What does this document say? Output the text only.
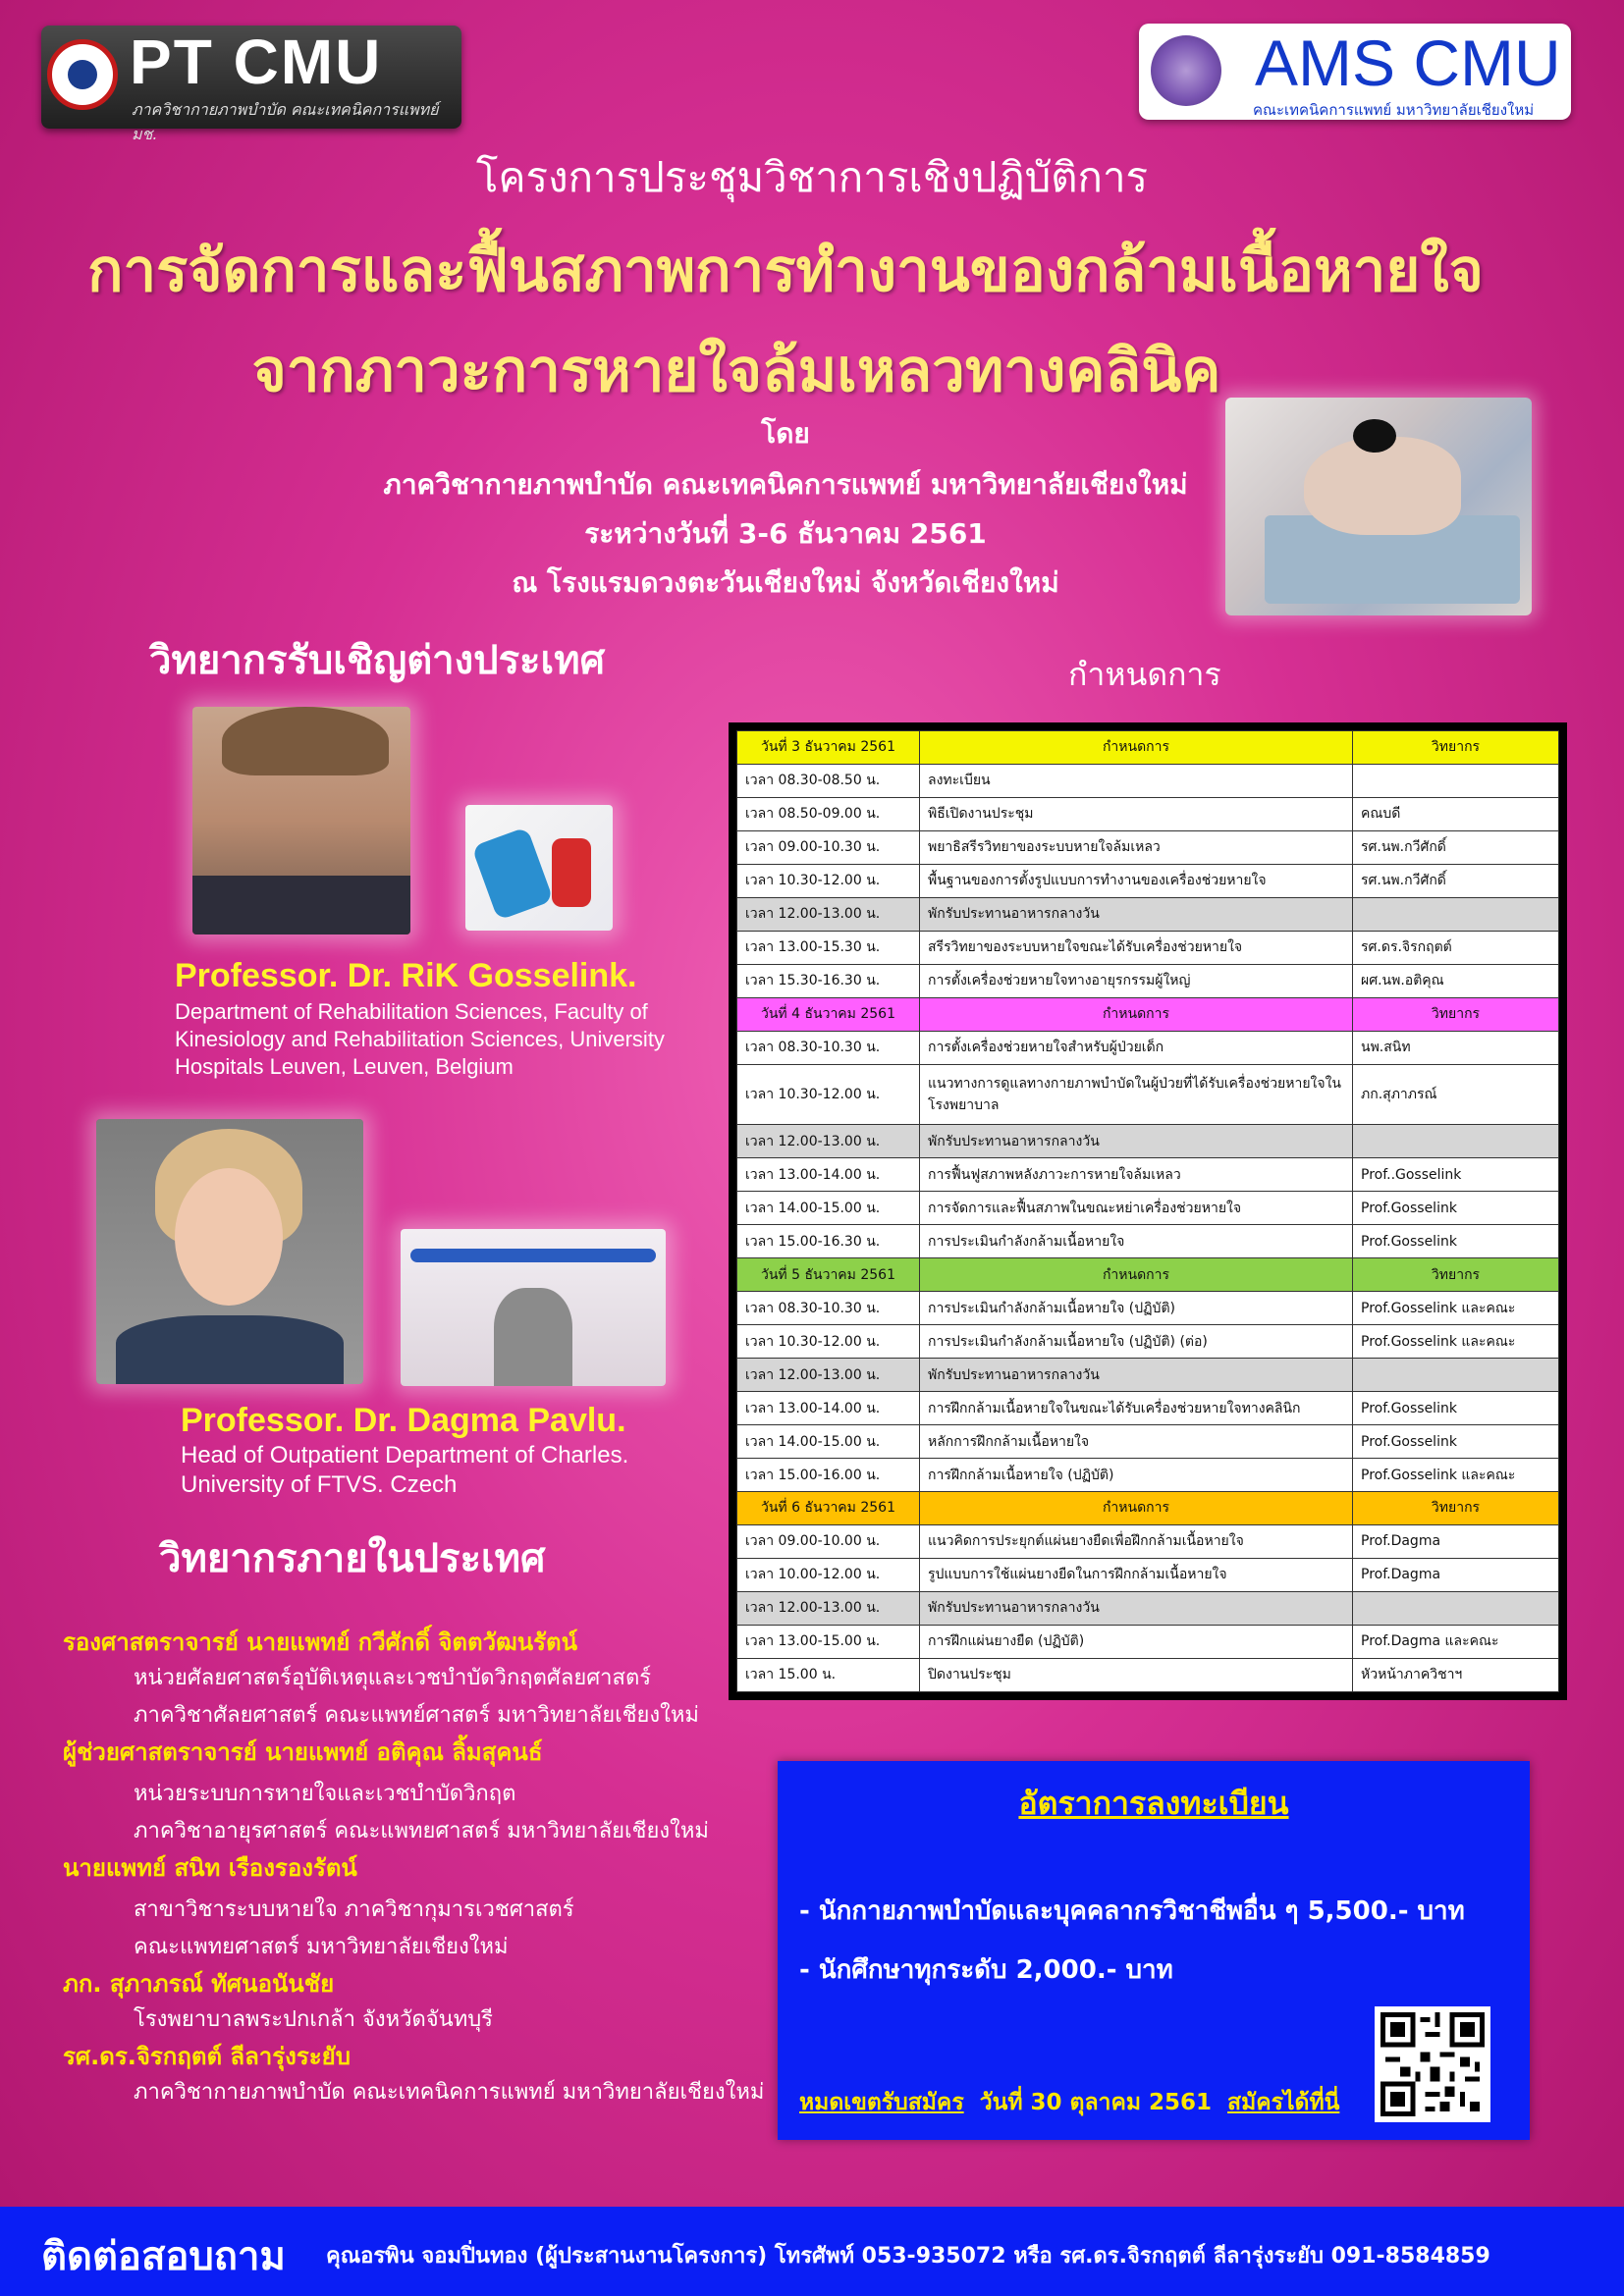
PT CMU
ภาควิชากายภาพบำบัด คณะเทคนิคการแพทย์ มช.
AMS CMU
คณะเทคนิคการแพทย์ มหาวิทยาลัยเชียงใหม่
โครงการประชุมวิชาการเชิงปฏิบัติการ
การจัดการและฟื้นสภาพการทำงานของกล้ามเนื้อหายใจ
จากภาวะการหายใจล้มเหลวทางคลินิค
โดย
ภาควิชากายภาพบำบัด คณะเทคนิคการแพทย์ มหาวิทยาลัยเชียงใหม่
ระหว่างวันที่ 3-6 ธันวาคม 2561
ณ โรงแรมดวงตะวันเชียงใหม่ จังหวัดเชียงใหม่
วิทยากรรับเชิญต่างประเทศ
Professor. Dr. RiK Gosselink.
Department of Rehabilitation Sciences, Faculty of Kinesiology and Rehabilitation Sciences, University Hospitals Leuven, Leuven, Belgium
Professor. Dr. Dagma Pavlu.
Head of Outpatient Department of Charles. University of FTVS. Czech
วิทยากรภายในประเทศ
รองศาสตราจารย์ นายแพทย์ กวีศักดิ์ จิตตวัฒนรัตน์
หน่วยศัลยศาสตร์อุบัติเหตุและเวชบำบัดวิกฤตศัลยศาสตร์
ภาควิชาศัลยศาสตร์ คณะแพทย์ศาสตร์ มหาวิทยาลัยเชียงใหม่
ผู้ช่วยศาสตราจารย์ นายแพทย์ อติคุณ ลิ้มสุคนธ์
หน่วยระบบการหายใจและเวชบำบัดวิกฤต
ภาควิชาอายุรศาสตร์ คณะแพทยศาสตร์ มหาวิทยาลัยเชียงใหม่
นายแพทย์ สนิท เรืองรองรัตน์
สาขาวิชาระบบหายใจ ภาควิชากุมารเวชศาสตร์
คณะแพทยศาสตร์ มหาวิทยาลัยเชียงใหม่
ภก. สุภาภรณ์ ทัศนอนันชัย
โรงพยาบาลพระปกเกล้า จังหวัดจันทบุรี
รศ.ดร.จิรกฤตต์ ลีลารุ่งระยับ
ภาควิชากายภาพบำบัด คณะเทคนิคการแพทย์ มหาวิทยาลัยเชียงใหม่
กำหนดการ
วันที่ 3 ธันวาคม 2561	กำหนดการ	วิทยากร
เวลา 08.30-08.50 น.	ลงทะเบียน	
เวลา 08.50-09.00 น.	พิธีเปิดงานประชุม	คณบดี
เวลา 09.00-10.30 น.	พยาธิสรีรวิทยาของระบบหายใจล้มเหลว	รศ.นพ.กวีศักดิ์
เวลา 10.30-12.00 น.	พื้นฐานของการตั้งรูปแบบการทำงานของเครื่องช่วยหายใจ	รศ.นพ.กวีศักดิ์
เวลา 12.00-13.00 น.	พักรับประทานอาหารกลางวัน	
เวลา 13.00-15.30 น.	สรีรวิทยาของระบบหายใจขณะได้รับเครื่องช่วยหายใจ	รศ.ดร.จิรกฤตต์
เวลา 15.30-16.30 น.	การตั้งเครื่องช่วยหายใจทางอายุรกรรมผู้ใหญ่	ผศ.นพ.อติคุณ
วันที่ 4 ธันวาคม 2561	กำหนดการ	วิทยากร
เวลา 08.30-10.30 น.	การตั้งเครื่องช่วยหายใจสำหรับผู้ป่วยเด็ก	นพ.สนิท
เวลา 10.30-12.00 น.	แนวทางการดูแลทางกายภาพบำบัดในผู้ป่วยที่ได้รับเครื่องช่วยหายใจใน โรงพยาบาล	ภก.สุภาภรณ์
เวลา 12.00-13.00 น.	พักรับประทานอาหารกลางวัน	
เวลา 13.00-14.00 น.	การฟื้นฟูสภาพหลังภาวะการหายใจล้มเหลว	Prof..Gosselink
เวลา 14.00-15.00 น.	การจัดการและฟื้นสภาพในขณะหย่าเครื่องช่วยหายใจ	Prof.Gosselink
เวลา 15.00-16.30 น.	การประเมินกำลังกล้ามเนื้อหายใจ	Prof.Gosselink
วันที่ 5 ธันวาคม 2561	กำหนดการ	วิทยากร
เวลา 08.30-10.30 น.	การประเมินกำลังกล้ามเนื้อหายใจ (ปฏิบัติ)	Prof.Gosselink และคณะ
เวลา 10.30-12.00 น.	การประเมินกำลังกล้ามเนื้อหายใจ (ปฏิบัติ) (ต่อ)	Prof.Gosselink และคณะ
เวลา 12.00-13.00 น.	พักรับประทานอาหารกลางวัน	
เวลา 13.00-14.00 น.	การฝึกกล้ามเนื้อหายใจในขณะได้รับเครื่องช่วยหายใจทางคลินิก	Prof.Gosselink
เวลา 14.00-15.00 น.	หลักการฝึกกล้ามเนื้อหายใจ	Prof.Gosselink
เวลา 15.00-16.00 น.	การฝึกกล้ามเนื้อหายใจ (ปฏิบัติ)	Prof.Gosselink และคณะ
วันที่ 6 ธันวาคม 2561	กำหนดการ	วิทยากร
เวลา 09.00-10.00 น.	แนวคิดการประยุกต์แผ่นยางยืดเพื่อฝึกกล้ามเนื้อหายใจ	Prof.Dagma
เวลา 10.00-12.00 น.	รูปแบบการใช้แผ่นยางยืดในการฝึกกล้ามเนื้อหายใจ	Prof.Dagma
เวลา 12.00-13.00 น.	พักรับประทานอาหารกลางวัน	
เวลา 13.00-15.00 น.	การฝึกแผ่นยางยืด (ปฏิบัติ)	Prof.Dagma และคณะ
เวลา 15.00 น.	ปิดงานประชุม	หัวหน้าภาควิชาฯ
อัตราการลงทะเบียน
- นักกายภาพบำบัดและบุคคลากรวิชาชีพอื่น ๆ 5,500.- บาท
- นักศึกษาทุกระดับ 2,000.- บาท
หมดเขตรับสมัคร วันที่ 30 ตุลาคม 2561 สมัครได้ที่นี่
ติดต่อสอบถาม คุณอรพิน จอมปิ่นทอง (ผู้ประสานงานโครงการ) โทรศัพท์ 053-935072 หรือ รศ.ดร.จิรกฤตต์ ลีลารุ่งระยับ 091-8584859
